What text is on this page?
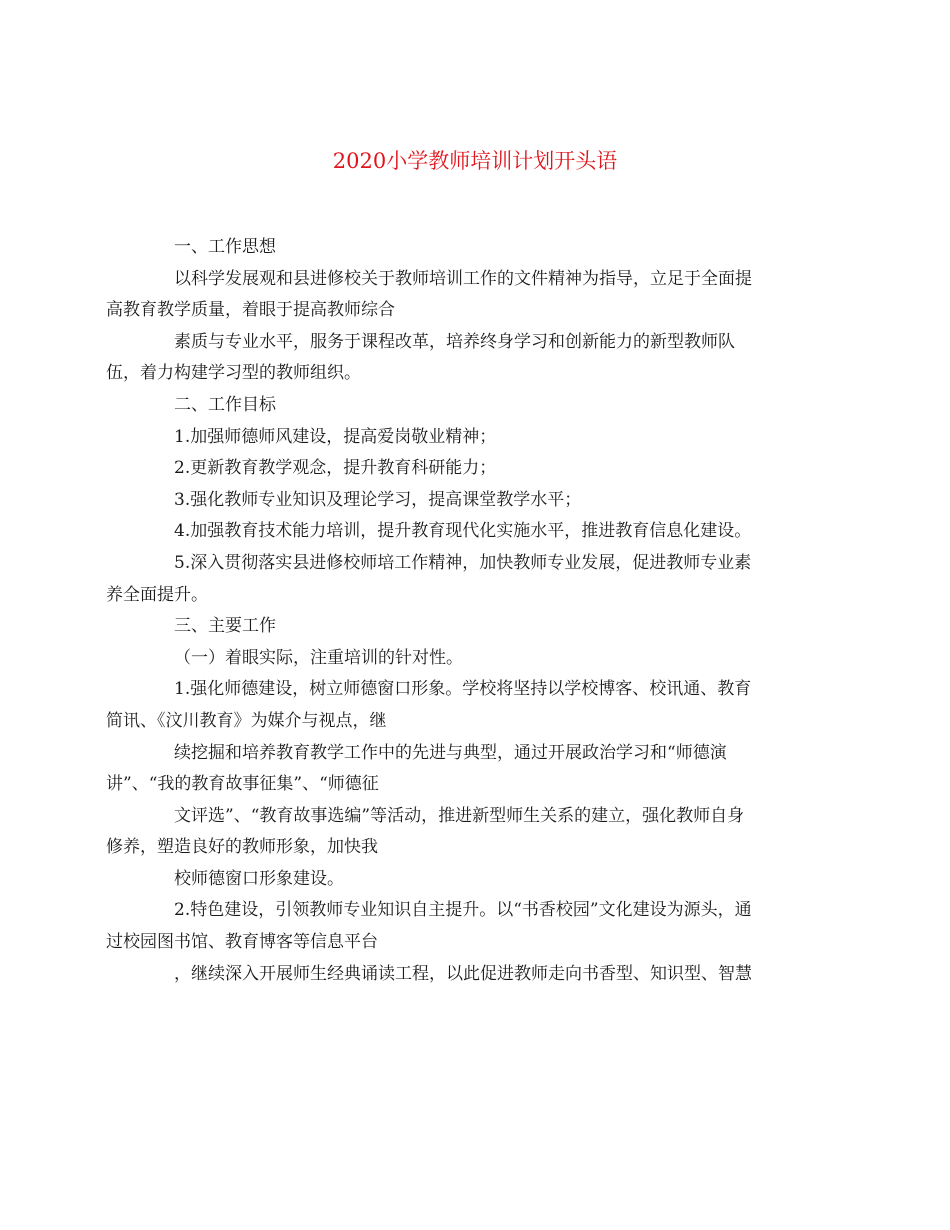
2020小学教师培训计划开头语

一、工作思想

以科学发展观和县进修校关于教师培训工作的文件精神为指导，立足于全面提
高教育教学质量，着眼于提高教师综合

素质与专业水平，服务于课程改革，培养终身学习和创新能力的新型教师队
伍，着力构建学习型的教师组织。

二、工作目标

1.加强师德师风建设，提高爱岗敬业精神；

2.更新教育教学观念，提升教育科研能力；

3.强化教师专业知识及理论学习，提高课堂教学水平；

4.加强教育技术能力培训，提升教育现代化实施水平，推进教育信息化建设。

5.深入贯彻落实县进修校师培工作精神，加快教师专业发展，促进教师专业素
养全面提升。

三、主要工作

（一）着眼实际，注重培训的针对性。

1.强化师德建设，树立师德窗口形象。学校将坚持以学校博客、校讯通、教育
简讯、《汶川教育》为媒介与视点，继

续挖掘和培养教育教学工作中的先进与典型，通过开展政治学习和“师德演
讲”、“我的教育故事征集”、“师德征

文评选”、“教育故事选编”等活动，推进新型师生关系的建立，强化教师自身
修养，塑造良好的教师形象，加快我

校师德窗口形象建设。

2.特色建设，引领教师专业知识自主提升。以“书香校园”文化建设为源头，通
过校园图书馆、教育博客等信息平台

，继续深入开展师生经典诵读工程，以此促进教师走向书香型、知识型、智慧
